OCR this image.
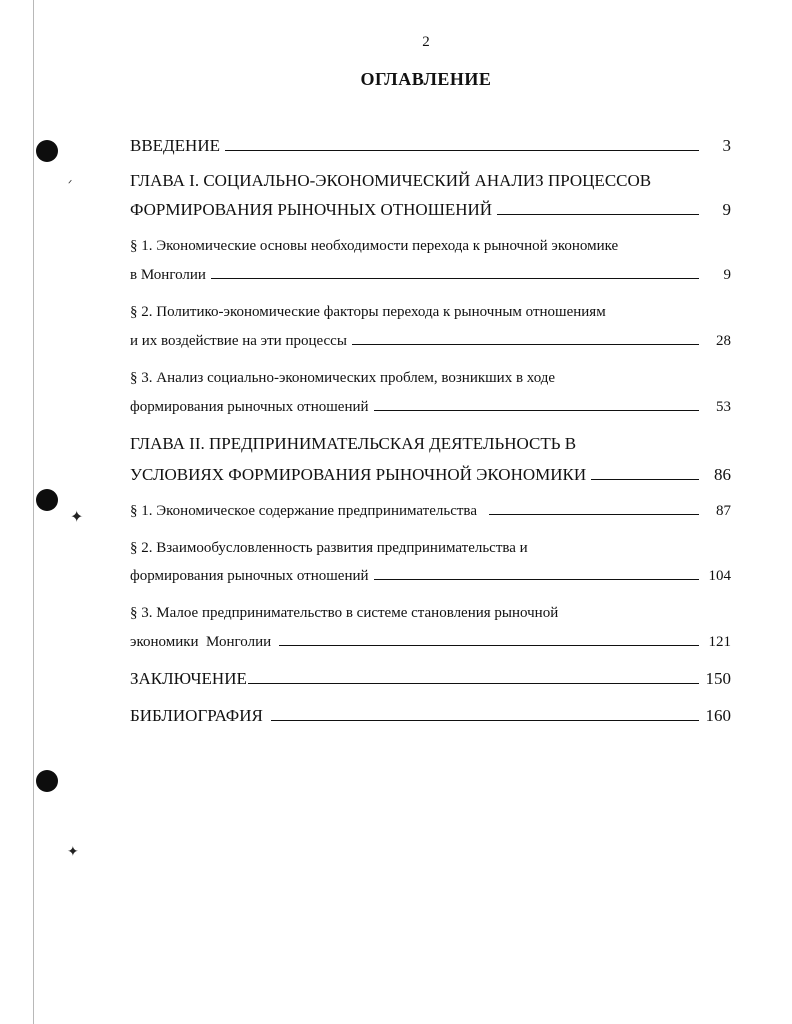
ᐟ
✦
✦
2
ОГЛАВЛЕНИЕ
ВВЕДЕНИЕ	3
ГЛАВА I. СОЦИАЛЬНО-ЭКОНОМИЧЕСКИЙ АНАЛИЗ ПРОЦЕССОВ
ФОРМИРОВАНИЯ РЫНОЧНЫХ ОТНОШЕНИЙ	9
§ 1. Экономические основы необходимости перехода к рыночной экономике
в Монголии	9
§ 2. Политико-экономические факторы перехода к рыночным отношениям
и их воздействие на эти процессы	28
§ 3. Анализ социально-экономических проблем, возникших в ходе
формирования рыночных отношений	53
ГЛАВА II. ПРЕДПРИНИМАТЕЛЬСКАЯ ДЕЯТЕЛЬНОСТЬ В
УСЛОВИЯХ ФОРМИРОВАНИЯ РЫНОЧНОЙ ЭКОНОМИКИ	86
§ 1. Экономическое содержание предпринимательства	87
§ 2. Взаимообусловленность развития предпринимательства и
формирования рыночных отношений	104
§ 3. Малое предпринимательство в системе становления рыночной
экономики  Монголии	121
ЗАКЛЮЧЕНИЕ	150
БИБЛИОГРАФИЯ	160
